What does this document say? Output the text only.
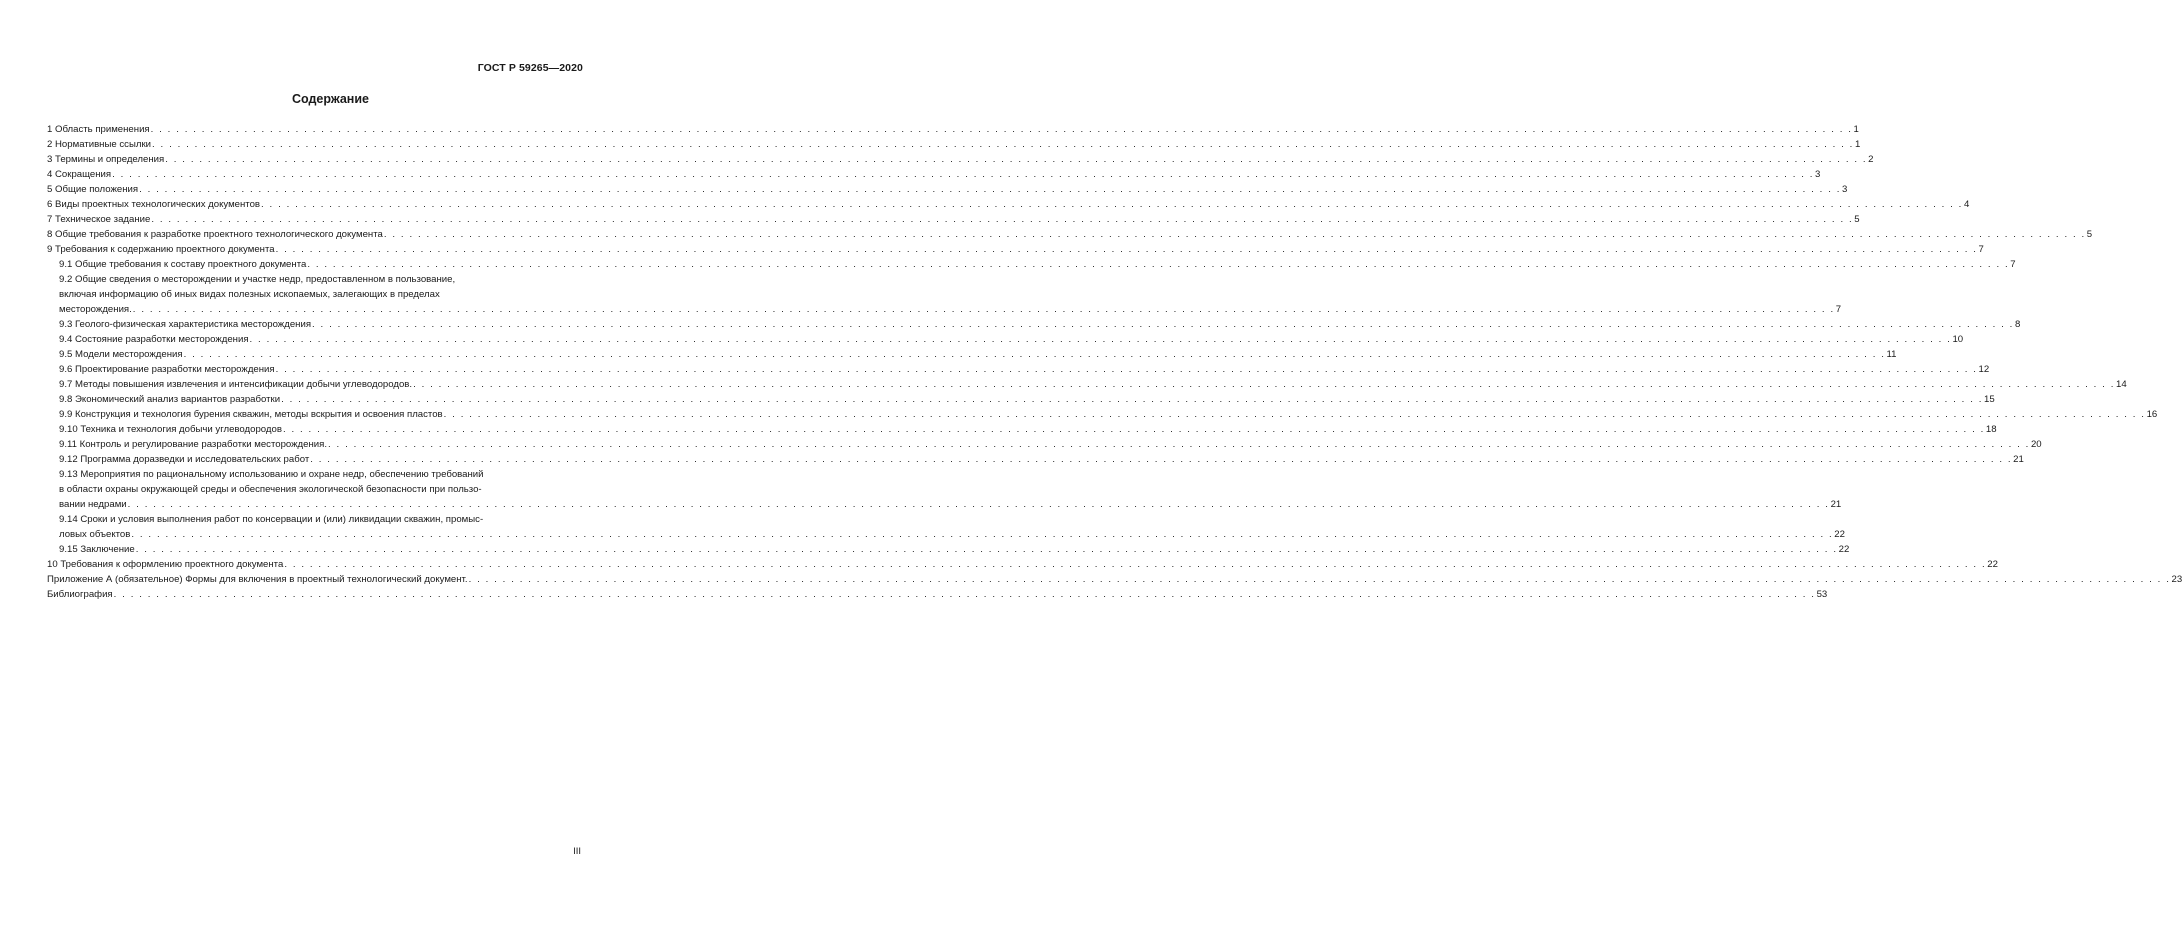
ГОСТ Р 59265—2020
Содержание
1 Область применения . . . . . . . . . . . . . . . . . . . . . . . . . . . . . . . . . . . . . . . . . . . . . . . . . . . . . . . . . . . . . . . . . . . . . . . . . . . . . . . . . . . . . . . . . . . . . . . . . . . . . . . . . . . . . . . . . . . . . . . . . . . . . . . . . . . . . . . . . . . . . . . . . . . . . . . . . . . . . . . . . . . . . . . . . . . . . . . . . . . . . . . . . . . . . . . . . . . . . . . . 1
2 Нормативные ссылки . . . . . . . . . . . . . . . . . . . . . . . . . . . . . . . . . . . . . . . . . . . . . . . . . . . . . . . . . . . . . . . . . . . . . . . . . . . . . . . . . . . . . . . . . . . . . . . . . . . . . . . . . . . . . . . . . . . . . . . . . . . . . . . . . . . . . . . . . . . . . . . . . . . . . . . . . . . . . . . . . . . . . . . . . . . . . . . . . . . . . . . . . . . . . . . . . . . . . . . . 1
3 Термины и определения . . . . . . . . . . . . . . . . . . . . . . . . . . . . . . . . . . . . . . . . . . . . . . . . . . . . . . . . . . . . . . . . . . . . . . . . . . . . . . . . . . . . . . . . . . . . . . . . . . . . . . . . . . . . . . . . . . . . . . . . . . . . . . . . . . . . . . . . . . . . . . . . . . . . . . . . . . . . . . . . . . . . . . . . . . . . . . . . . . . . . . . . . . . . . . . . . . . . . . . . 2
4 Сокращения . . . . . . . . . . . . . . . . . . . . . . . . . . . . . . . . . . . . . . . . . . . . . . . . . . . . . . . . . . . . . . . . . . . . . . . . . . . . . . . . . . . . . . . . . . . . . . . . . . . . . . . . . . . . . . . . . . . . . . . . . . . . . . . . . . . . . . . . . . . . . . . . . . . . . . . . . . . . . . . . . . . . . . . . . . . . . . . . . . . . . . . . . . . . . . . . . . . . . . . . 3
5 Общие положения . . . . . . . . . . . . . . . . . . . . . . . . . . . . . . . . . . . . . . . . . . . . . . . . . . . . . . . . . . . . . . . . . . . . . . . . . . . . . . . . . . . . . . . . . . . . . . . . . . . . . . . . . . . . . . . . . . . . . . . . . . . . . . . . . . . . . . . . . . . . . . . . . . . . . . . . . . . . . . . . . . . . . . . . . . . . . . . . . . . . . . . . . . . . . . . . . . . . . . . . 3
6 Виды проектных технологических документов . . . . . . . . . . . . . . . . . . . . . . . . . . . . . . . . . . . . . . . . . . . . . . . . . . . . . . . . . . . . . . . . . . . . . . . . . . . . . . . . . . . . . . . . . . . . . . . . . . . . . . . . . . . . . . . . . . . . . . . . . . . . . . . . . . . . . . . . . . . . . . . . . . . . . . . . . . . . . . . . . . . . . . . . . . . . . . . . . . . . . . . . . . . . . . . . . . . . . . . . 4
7 Техническое задание . . . . . . . . . . . . . . . . . . . . . . . . . . . . . . . . . . . . . . . . . . . . . . . . . . . . . . . . . . . . . . . . . . . . . . . . . . . . . . . . . . . . . . . . . . . . . . . . . . . . . . . . . . . . . . . . . . . . . . . . . . . . . . . . . . . . . . . . . . . . . . . . . . . . . . . . . . . . . . . . . . . . . . . . . . . . . . . . . . . . . . . . . . . . . . . . . . . . . . . . 5
8 Общие требования к разработке проектного технологического документа . . . . . . . . . . . . . . . . . . . . . . . . . . . . . . . . . . . . . . . . . . . . . . . . . . . . . . . . . . . . . . . . . . . . . . . . . . . . . . . . . . . . . . . . . . . . . . . . . . . . . . . . . . . . . . . . . . . . . . . . . . . . . . . . . . . . . . . . . . . . . . . . . . . . . . . . . . . . . . . . . . . . . . . . . . . . . . . . . . . . . . . . . . . . . . . . . . . . . . . . 5
9 Требования к содержанию проектного документа . . . . . . . . . . . . . . . . . . . . . . . . . . . . . . . . . . . . . . . . . . . . . . . . . . . . . . . . . . . . . . . . . . . . . . . . . . . . . . . . . . . . . . . . . . . . . . . . . . . . . . . . . . . . . . . . . . . . . . . . . . . . . . . . . . . . . . . . . . . . . . . . . . . . . . . . . . . . . . . . . . . . . . . . . . . . . . . . . . . . . . . . . . . . . . . . . . . . . . . . 7
9.1 Общие требования к составу проектного документа . . . . . . . . . . . . . . . . . . . . . . . . . . . . . . . . . . . . . . . . . . . . . . . . . . . . . . . . . . . . . . . . . . . . . . . . . . . . . . . . . . . . . . . . . . . . . . . . . . . . . . . . . . . . . . . . . . . . . . . . . . . . . . . . . . . . . . . . . . . . . . . . . . . . . . . . . . . . . . . . . . . . . . . . . . . . . . . . . . . . . . . . . . . . . . . . . . . . . . . . 7
9.2 Общие сведения о месторождении и участке недр, предоставленном в пользование,
включая информацию об иных видах полезных ископаемых, залегающих в пределах
месторождения. . . . . . . . . . . . . . . . . . . . . . . . . . . . . . . . . . . . . . . . . . . . . . . . . . . . . . . . . . . . . . . . . . . . . . . . . . . . . . . . . . . . . . . . . . . . . . . . . . . . . . . . . . . . . . . . . . . . . . . . . . . . . . . . . . . . . . . . . . . . . . . . . . . . . . . . . . . . . . . . . . . . . . . . . . . . . . . . . . . . . . . . . . . . . . . . . . . . . . . . . 7
9.3 Геолого-физическая характеристика месторождения . . . . . . . . . . . . . . . . . . . . . . . . . . . . . . . . . . . . . . . . . . . . . . . . . . . . . . . . . . . . . . . . . . . . . . . . . . . . . . . . . . . . . . . . . . . . . . . . . . . . . . . . . . . . . . . . . . . . . . . . . . . . . . . . . . . . . . . . . . . . . . . . . . . . . . . . . . . . . . . . . . . . . . . . . . . . . . . . . . . . . . . . . . . . . . . . . . . . . . . . 8
9.4 Состояние разработки месторождения . . . . . . . . . . . . . . . . . . . . . . . . . . . . . . . . . . . . . . . . . . . . . . . . . . . . . . . . . . . . . . . . . . . . . . . . . . . . . . . . . . . . . . . . . . . . . . . . . . . . . . . . . . . . . . . . . . . . . . . . . . . . . . . . . . . . . . . . . . . . . . . . . . . . . . . . . . . . . . . . . . . . . . . . . . . . . . . . . . . . . . . . . . . . . . . . . . . . . . . . 10
9.5 Модели месторождения . . . . . . . . . . . . . . . . . . . . . . . . . . . . . . . . . . . . . . . . . . . . . . . . . . . . . . . . . . . . . . . . . . . . . . . . . . . . . . . . . . . . . . . . . . . . . . . . . . . . . . . . . . . . . . . . . . . . . . . . . . . . . . . . . . . . . . . . . . . . . . . . . . . . . . . . . . . . . . . . . . . . . . . . . . . . . . . . . . . . . . . . . . . . . . . . . . . . . . . . 11
9.6 Проектирование разработки месторождения . . . . . . . . . . . . . . . . . . . . . . . . . . . . . . . . . . . . . . . . . . . . . . . . . . . . . . . . . . . . . . . . . . . . . . . . . . . . . . . . . . . . . . . . . . . . . . . . . . . . . . . . . . . . . . . . . . . . . . . . . . . . . . . . . . . . . . . . . . . . . . . . . . . . . . . . . . . . . . . . . . . . . . . . . . . . . . . . . . . . . . . . . . . . . . . . . . . . . . . . 12
9.7 Методы повышения извлечения и интенсификации добычи углеводородов. . . . . . . . . . . . . . . . . . . . . . . . . . . . . . . . . . . . . . . . . . . . . . . . . . . . . . . . . . . . . . . . . . . . . . . . . . . . . . . . . . . . . . . . . . . . . . . . . . . . . . . . . . . . . . . . . . . . . . . . . . . . . . . . . . . . . . . . . . . . . . . . . . . . . . . . . . . . . . . . . . . . . . . . . . . . . . . . . . . . . . . . . . . . . . . . . . . . . . . . . 14
9.8 Экономический анализ вариантов разработки . . . . . . . . . . . . . . . . . . . . . . . . . . . . . . . . . . . . . . . . . . . . . . . . . . . . . . . . . . . . . . . . . . . . . . . . . . . . . . . . . . . . . . . . . . . . . . . . . . . . . . . . . . . . . . . . . . . . . . . . . . . . . . . . . . . . . . . . . . . . . . . . . . . . . . . . . . . . . . . . . . . . . . . . . . . . . . . . . . . . . . . . . . . . . . . . . . . . . . . . 15
9.9 Конструкция и технология бурения скважин, методы вскрытия и освоения пластов . . . . . . . . . . . . . . . . . . . . . . . . . . . . . . . . . . . . . . . . . . . . . . . . . . . . . . . . . . . . . . . . . . . . . . . . . . . . . . . . . . . . . . . . . . . . . . . . . . . . . . . . . . . . . . . . . . . . . . . . . . . . . . . . . . . . . . . . . . . . . . . . . . . . . . . . . . . . . . . . . . . . . . . . . . . . . . . . . . . . . . . . . . . . . . . . . . . . . . . . 16
9.10 Техника и технология добычи углеводородов . . . . . . . . . . . . . . . . . . . . . . . . . . . . . . . . . . . . . . . . . . . . . . . . . . . . . . . . . . . . . . . . . . . . . . . . . . . . . . . . . . . . . . . . . . . . . . . . . . . . . . . . . . . . . . . . . . . . . . . . . . . . . . . . . . . . . . . . . . . . . . . . . . . . . . . . . . . . . . . . . . . . . . . . . . . . . . . . . . . . . . . . . . . . . . . . . . . . . . . . 18
9.11 Контроль и регулирование разработки месторождения. . . . . . . . . . . . . . . . . . . . . . . . . . . . . . . . . . . . . . . . . . . . . . . . . . . . . . . . . . . . . . . . . . . . . . . . . . . . . . . . . . . . . . . . . . . . . . . . . . . . . . . . . . . . . . . . . . . . . . . . . . . . . . . . . . . . . . . . . . . . . . . . . . . . . . . . . . . . . . . . . . . . . . . . . . . . . . . . . . . . . . . . . . . . . . . . . . . . . . . . . 20
9.12 Программа доразведки и исследовательских работ . . . . . . . . . . . . . . . . . . . . . . . . . . . . . . . . . . . . . . . . . . . . . . . . . . . . . . . . . . . . . . . . . . . . . . . . . . . . . . . . . . . . . . . . . . . . . . . . . . . . . . . . . . . . . . . . . . . . . . . . . . . . . . . . . . . . . . . . . . . . . . . . . . . . . . . . . . . . . . . . . . . . . . . . . . . . . . . . . . . . . . . . . . . . . . . . . . . . . . . . 21
9.13 Мероприятия по рациональному использованию и охране недр, обеспечению требований
в области охраны окружающей среды и обеспечения экологической безопасности при пользо-
вании недрами . . . . . . . . . . . . . . . . . . . . . . . . . . . . . . . . . . . . . . . . . . . . . . . . . . . . . . . . . . . . . . . . . . . . . . . . . . . . . . . . . . . . . . . . . . . . . . . . . . . . . . . . . . . . . . . . . . . . . . . . . . . . . . . . . . . . . . . . . . . . . . . . . . . . . . . . . . . . . . . . . . . . . . . . . . . . . . . . . . . . . . . . . . . . . . . . . . . . . . . . 21
9.14 Сроки и условия выполнения работ по консервации и (или) ликвидации скважин, промыс-
ловых объектов . . . . . . . . . . . . . . . . . . . . . . . . . . . . . . . . . . . . . . . . . . . . . . . . . . . . . . . . . . . . . . . . . . . . . . . . . . . . . . . . . . . . . . . . . . . . . . . . . . . . . . . . . . . . . . . . . . . . . . . . . . . . . . . . . . . . . . . . . . . . . . . . . . . . . . . . . . . . . . . . . . . . . . . . . . . . . . . . . . . . . . . . . . . . . . . . . . . . . . . . 22
9.15 Заключение . . . . . . . . . . . . . . . . . . . . . . . . . . . . . . . . . . . . . . . . . . . . . . . . . . . . . . . . . . . . . . . . . . . . . . . . . . . . . . . . . . . . . . . . . . . . . . . . . . . . . . . . . . . . . . . . . . . . . . . . . . . . . . . . . . . . . . . . . . . . . . . . . . . . . . . . . . . . . . . . . . . . . . . . . . . . . . . . . . . . . . . . . . . . . . . . . . . . . . . . 22
10 Требования к оформлению проектного документа . . . . . . . . . . . . . . . . . . . . . . . . . . . . . . . . . . . . . . . . . . . . . . . . . . . . . . . . . . . . . . . . . . . . . . . . . . . . . . . . . . . . . . . . . . . . . . . . . . . . . . . . . . . . . . . . . . . . . . . . . . . . . . . . . . . . . . . . . . . . . . . . . . . . . . . . . . . . . . . . . . . . . . . . . . . . . . . . . . . . . . . . . . . . . . . . . . . . . . . . 22
Приложение А (обязательное) Формы для включения в проектный технологический документ. . . . . . . . . . . . . . . . . . . . . . . . . . . . . . . . . . . . . . . . . . . . . . . . . . . . . . . . . . . . . . . . . . . . . . . . . . . . . . . . . . . . . . . . . . . . . . . . . . . . . . . . . . . . . . . . . . . . . . . . . . . . . . . . . . . . . . . . . . . . . . . . . . . . . . . . . . . . . . . . . . . . . . . . . . . . . . . . . . . . . . . . . . . . . . . . . . . . . . . . . 23
Библиография . . . . . . . . . . . . . . . . . . . . . . . . . . . . . . . . . . . . . . . . . . . . . . . . . . . . . . . . . . . . . . . . . . . . . . . . . . . . . . . . . . . . . . . . . . . . . . . . . . . . . . . . . . . . . . . . . . . . . . . . . . . . . . . . . . . . . . . . . . . . . . . . . . . . . . . . . . . . . . . . . . . . . . . . . . . . . . . . . . . . . . . . . . . . . . . . . . . . . . . . 53
III
